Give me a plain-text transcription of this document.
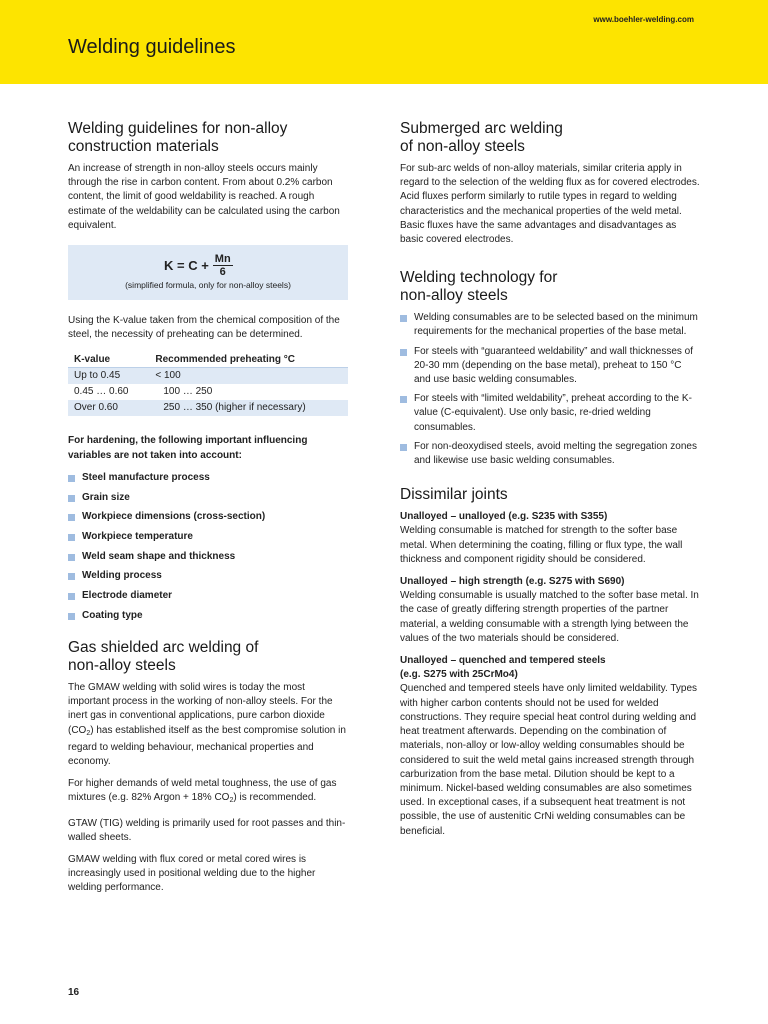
www.boehler-welding.com
Welding guidelines
Welding guidelines for non-alloy
construction materials

An increase of strength in non-alloy steels occurs mainly through the rise in carbon content. From about 0.2% carbon content, the limit of good weldability is reached. A rough estimate of the weldability can be calculated using the carbon equivalent.

$K = C + \frac{Mn}{6}$
(simplified formula, only for non-alloy steels)

Using the K-value taken from the chemical composition of the steel, the necessity of preheating can be determined.

K-value	Recommended preheating °C
Up to 0.45	< 100
0.45 … 0.60	100 … 250
Over 0.60	250 … 350 (higher if necessary)

For hardening, the following important influencing variables are not taken into account:

Steel manufacture process
Grain size
Workpiece dimensions (cross-section)
Workpiece temperature
Weld seam shape and thickness
Welding process
Electrode diameter
Coating type
Gas shielded arc welding of
non-alloy steels

The GMAW welding with solid wires is today the most important process in the working of non-alloy steels. For the inert gas in conventional applications, pure carbon dioxide $(CO_2)$ has established itself as the best compromise solution in regard to welding behaviour, mechanical properties and economy.

For higher demands of weld metal toughness, the use of gas mixtures (e.g. 82% Argon + 18% $CO_2$) is recommended.

GTAW (TIG) welding is primarily used for root passes and thin-walled sheets.

GMAW welding with flux cored or metal cored wires is increasingly used in positional welding due to the higher welding performance.

Submerged arc welding
of non-alloy steels

For sub-arc welds of non-alloy materials, similar criteria apply in regard to the selection of the welding flux as for covered electrodes. Acid fluxes perform similarly to rutile types in regard to welding characteristics and the mechanical properties of the weld metal. Basic fluxes have the same advantages and disadvantages as basic covered electrodes.

Welding technology for
non-alloy steels
Welding consumables are to be selected based on the minimum requirements for the mechanical properties of the base metal.
For steels with “guaranteed weldability” and wall thicknesses of 20-30 mm (depending on the base metal), preheat to 150 °C and use basic welding consumables.
For steels with “limited weldability”, preheat according to the K-value (C-equivalent). Use only basic, re-dried welding consumables.
For non-deoxydised steels, avoid melting the segregation zones and likewise use basic welding consumables.
Dissimilar joints

Unalloyed – unalloyed (e.g. S235 with S355)

Welding consumable is matched for strength to the softer base metal. When determining the coating, filling or flux type, the wall thickness and component rigidity should be considered.

Unalloyed – high strength (e.g. S275 with S690)

Welding consumable is usually matched to the softer base metal. In the case of greatly differing strength properties of the partner material, a welding consumable with a strength lying between the values of the two materials should be considered.

Unalloyed – quenched and tempered steels
(e.g. S275 with 25CrMo4)

Quenched and tempered steels have only limited weldability. Types with higher carbon contents should not be used for welded constructions. They require special heat control during welding and heat treatment afterwards. Depending on the combination of materials, non-alloy or low-alloy welding consumables should be considered to suit the weld metal gains increased strength through carburization from the base metal. Dilution should be kept to a minimum. Nickel-based welding consumables are also sometimes used. In exceptional cases, if a subsequent heat treatment is not possible, the use of austenitic CrNi welding consumables can be beneficial.

16
